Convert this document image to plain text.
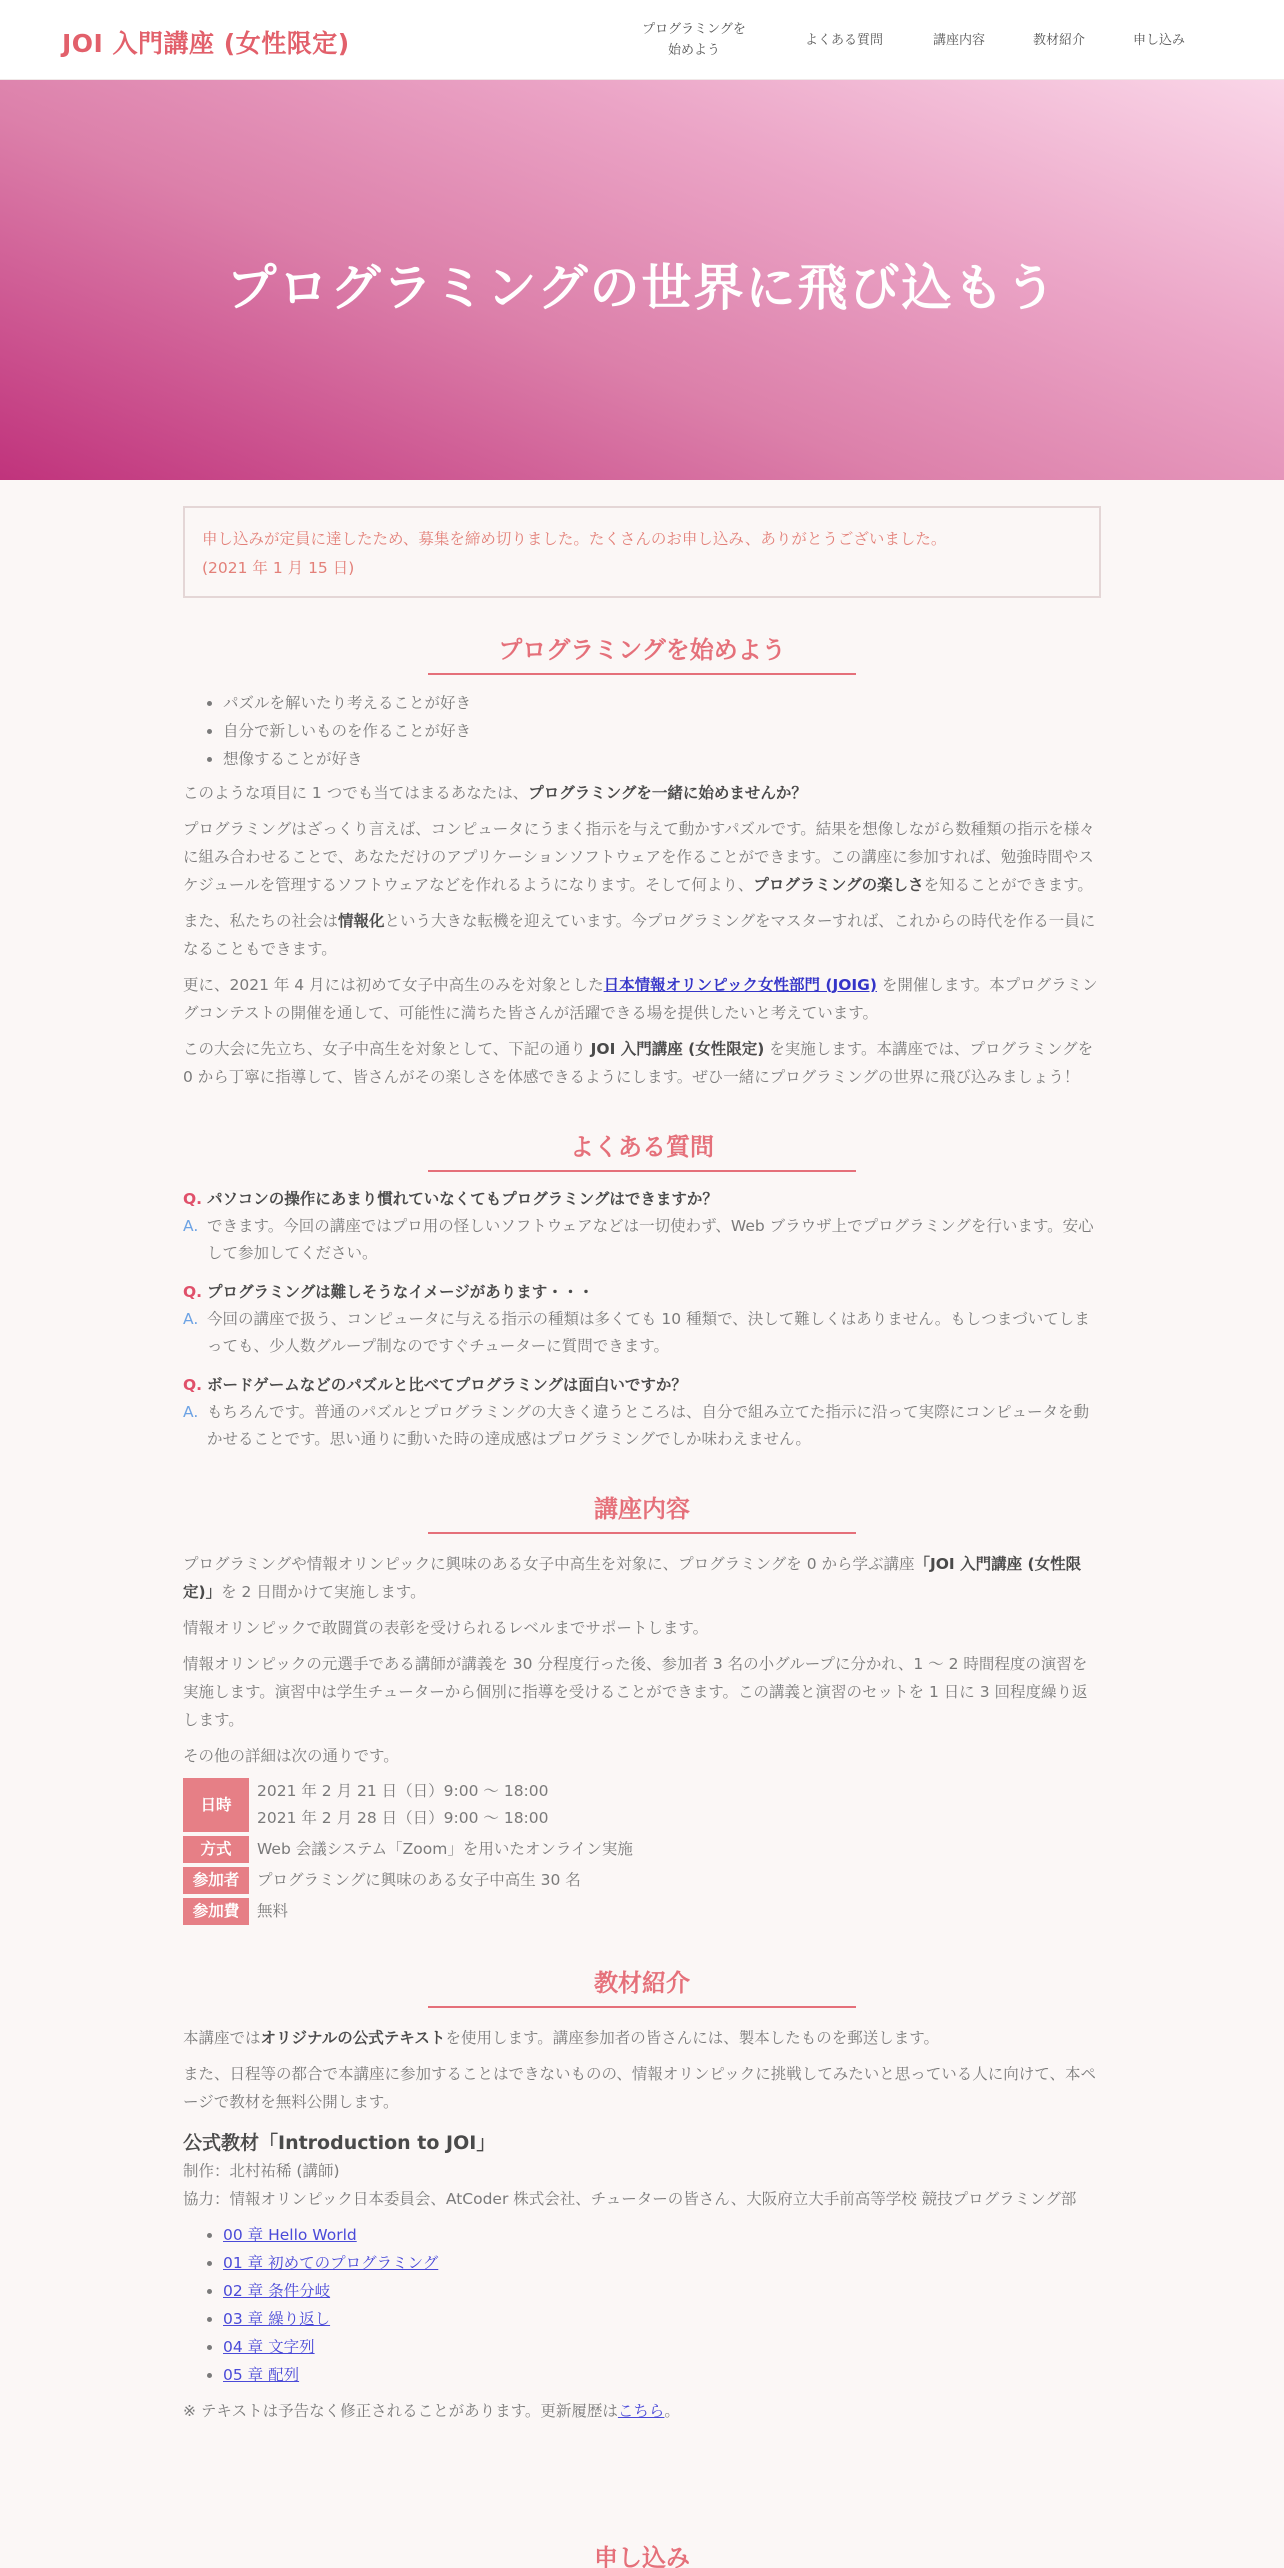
JOI 入門講座 (女性限定)	プログラミングを
始めよう
よくある質問	講座内容	教材紹介	申し込み
プログラミングの世界に飛び込もう
申し込みが定員に達したため、募集を締め切りました。たくさんのお申し込み、ありがとうございました。
(2021 年 1 月 15 日)
プログラミングを始めよう
• パズルを解いたり考えることが好き
• 自分で新しいものを作ることが好き
• 想像することが好き

このような項目に 1 つでも当てはまるあなたは、プログラミングを一緒に始めませんか？

プログラミングはざっくり言えば、コンピュータにうまく指示を与えて動かすパズルです。結果を想像しながら数種類の指示を様々に組み合わせることで、あなただけのアプリケーションソフトウェアを作ることができます。この講座に参加すれば、勉強時間やスケジュールを管理するソフトウェアなどを作れるようになります。そして何より、プログラミングの楽しさを知ることができます。

また、私たちの社会は情報化という大きな転機を迎えています。今プログラミングをマスターすれば、これからの時代を作る一員になることもできます。

更に、2021 年 4 月には初めて女子中高生のみを対象とした日本情報オリンピック女性部門 (JOIG) を開催します。本プログラミングコンテストの開催を通して、可能性に満ちた皆さんが活躍できる場を提供したいと考えています。

この大会に先立ち、女子中高生を対象として、下記の通り JOI 入門講座 (女性限定) を実施します。本講座では、プログラミングを 0 から丁寧に指導して、皆さんがその楽しさを体感できるようにします。ぜひ一緒にプログラミングの世界に飛び込みましょう！

よくある質問
Q. パソコンの操作にあまり慣れていなくてもプログラミングはできますか？
A. できます。今回の講座ではプロ用の怪しいソフトウェアなどは一切使わず、Web ブラウザ上でプログラミングを行います。安心して参加してください。
Q. プログラミングは難しそうなイメージがあります・・・
A. 今回の講座で扱う、コンピュータに与える指示の種類は多くても 10 種類で、決して難しくはありません。もしつまづいてしまっても、少人数グループ制なのですぐチューターに質問できます。
Q. ボードゲームなどのパズルと比べてプログラミングは面白いですか？
A. もちろんです。普通のパズルとプログラミングの大きく違うところは、自分で組み立てた指示に沿って実際にコンピュータを動かせることです。思い通りに動いた時の達成感はプログラミングでしか味わえません。
講座内容

プログラミングや情報オリンピックに興味のある女子中高生を対象に、プログラミングを 0 から学ぶ講座「JOI 入門講座 (女性限定)」を 2 日間かけて実施します。

情報オリンピックで敢闘賞の表彰を受けられるレベルまでサポートします。

情報オリンピックの元選手である講師が講義を 30 分程度行った後、参加者 3 名の小グループに分かれ、1 〜 2 時間程度の演習を実施します。演習中は学生チューターから個別に指導を受けることができます。この講義と演習のセットを 1 日に 3 回程度繰り返します。

その他の詳細は次の通りです。

日時	2021 年 2 月 21 日（日）9:00 〜 18:00
2021 年 2 月 28 日（日）9:00 〜 18:00

方式	Web 会議システム「Zoom」を用いたオンライン実施
参加者	プログラミングに興味のある女子中高生 30 名
参加費	無料
教材紹介

本講座ではオリジナルの公式テキストを使用します。講座参加者の皆さんには、製本したものを郵送します。

また、日程等の都合で本講座に参加することはできないものの、情報オリンピックに挑戦してみたいと思っている人に向けて、本ページで教材を無料公開します。

公式教材「Introduction to JOI」

制作：北村祐稀 (講師)

協力：情報オリンピック日本委員会、AtCoder 株式会社、チューターの皆さん、大阪府立大手前高等学校 競技プログラミング部

• 00 章 Hello World
• 01 章 初めてのプログラミング
• 02 章 条件分岐
• 03 章 繰り返し
• 04 章 文字列
• 05 章 配列

※ テキストは予告なく修正されることがあります。更新履歴はこちら。

申し込み
